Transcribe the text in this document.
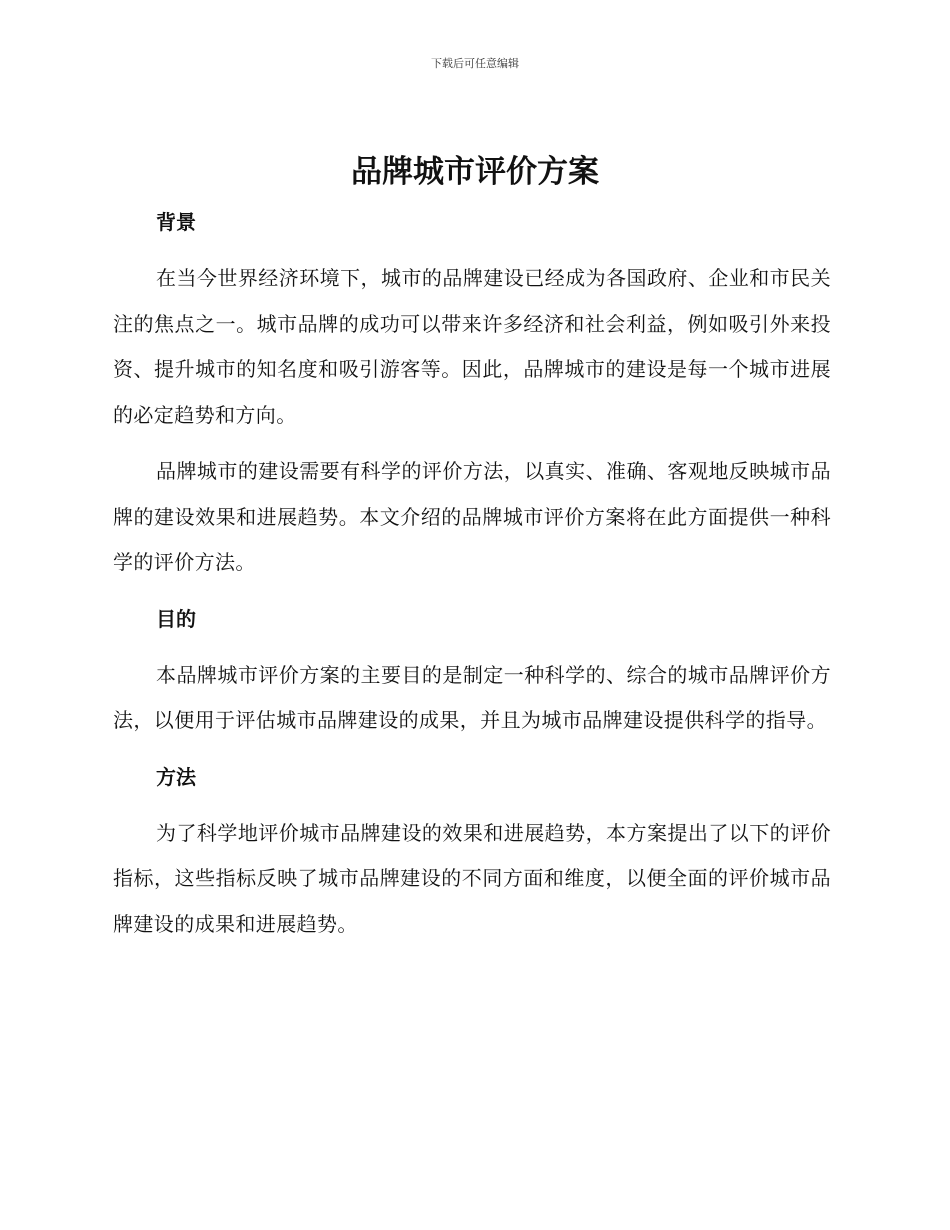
下载后可任意编辑
品牌城市评价方案
背景

在当今世界经济环境下，城市的品牌建设已经成为各国政府、企业和市民关注的焦点之一。城市品牌的成功可以带来许多经济和社会利益，例如吸引外来投资、提升城市的知名度和吸引游客等。因此，品牌城市的建设是每一个城市进展的必定趋势和方向。

品牌城市的建设需要有科学的评价方法，以真实、准确、客观地反映城市品牌的建设效果和进展趋势。本文介绍的品牌城市评价方案将在此方面提供一种科学的评价方法。

目的

本品牌城市评价方案的主要目的是制定一种科学的、综合的城市品牌评价方法，以便用于评估城市品牌建设的成果，并且为城市品牌建设提供科学的指导。

方法

为了科学地评价城市品牌建设的效果和进展趋势，本方案提出了以下的评价指标，这些指标反映了城市品牌建设的不同方面和维度，以便全面的评价城市品牌建设的成果和进展趋势。
